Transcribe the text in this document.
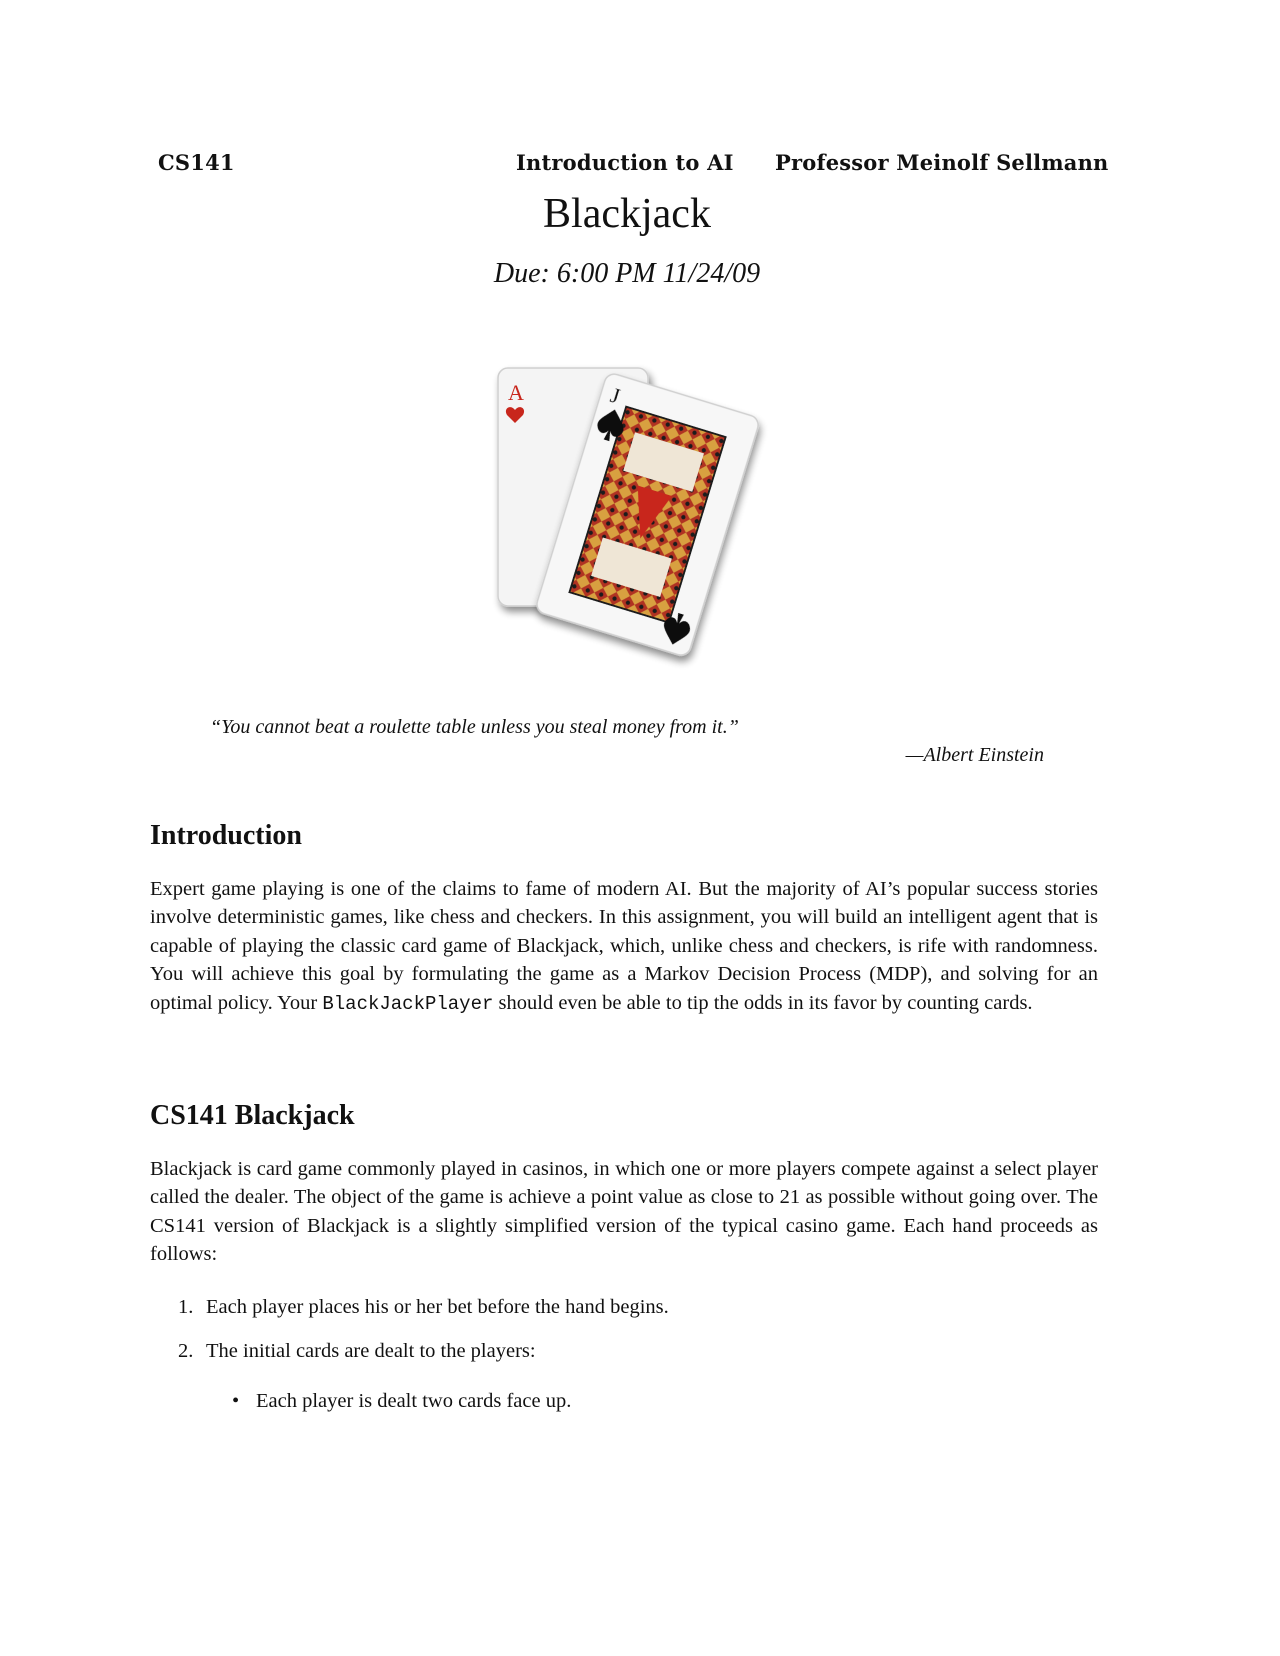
CS141	Introduction to AI Professor Meinolf Sellmann
Blackjack
Due: 6:00 PM 11/24/09
A	J
“You cannot beat a roulette table unless you steal money from it.”
—Albert Einstein
Introduction
Expert game playing is one of the claims to fame of modern AI. But the majority of AI’s popular success stories involve deterministic games, like chess and checkers. In this assignment, you will build an intelligent agent that is capable of playing the classic card game of Blackjack, which, unlike chess and checkers, is rife with randomness. You will achieve this goal by formulating the game as a Markov Decision Process (MDP), and solving for an optimal policy. Your BlackJackPlayer should even be able to tip the odds in its favor by counting cards.
CS141 Blackjack
Blackjack is card game commonly played in casinos, in which one or more players compete against a select player called the dealer. The object of the game is achieve a point value as close to 21 as possible without going over. The CS141 version of Blackjack is a slightly simplified version of the typical casino game. Each hand proceeds as follows:
1. Each player places his or her bet before the hand begins.
2. The initial cards are dealt to the players:
• Each player is dealt two cards face up.
